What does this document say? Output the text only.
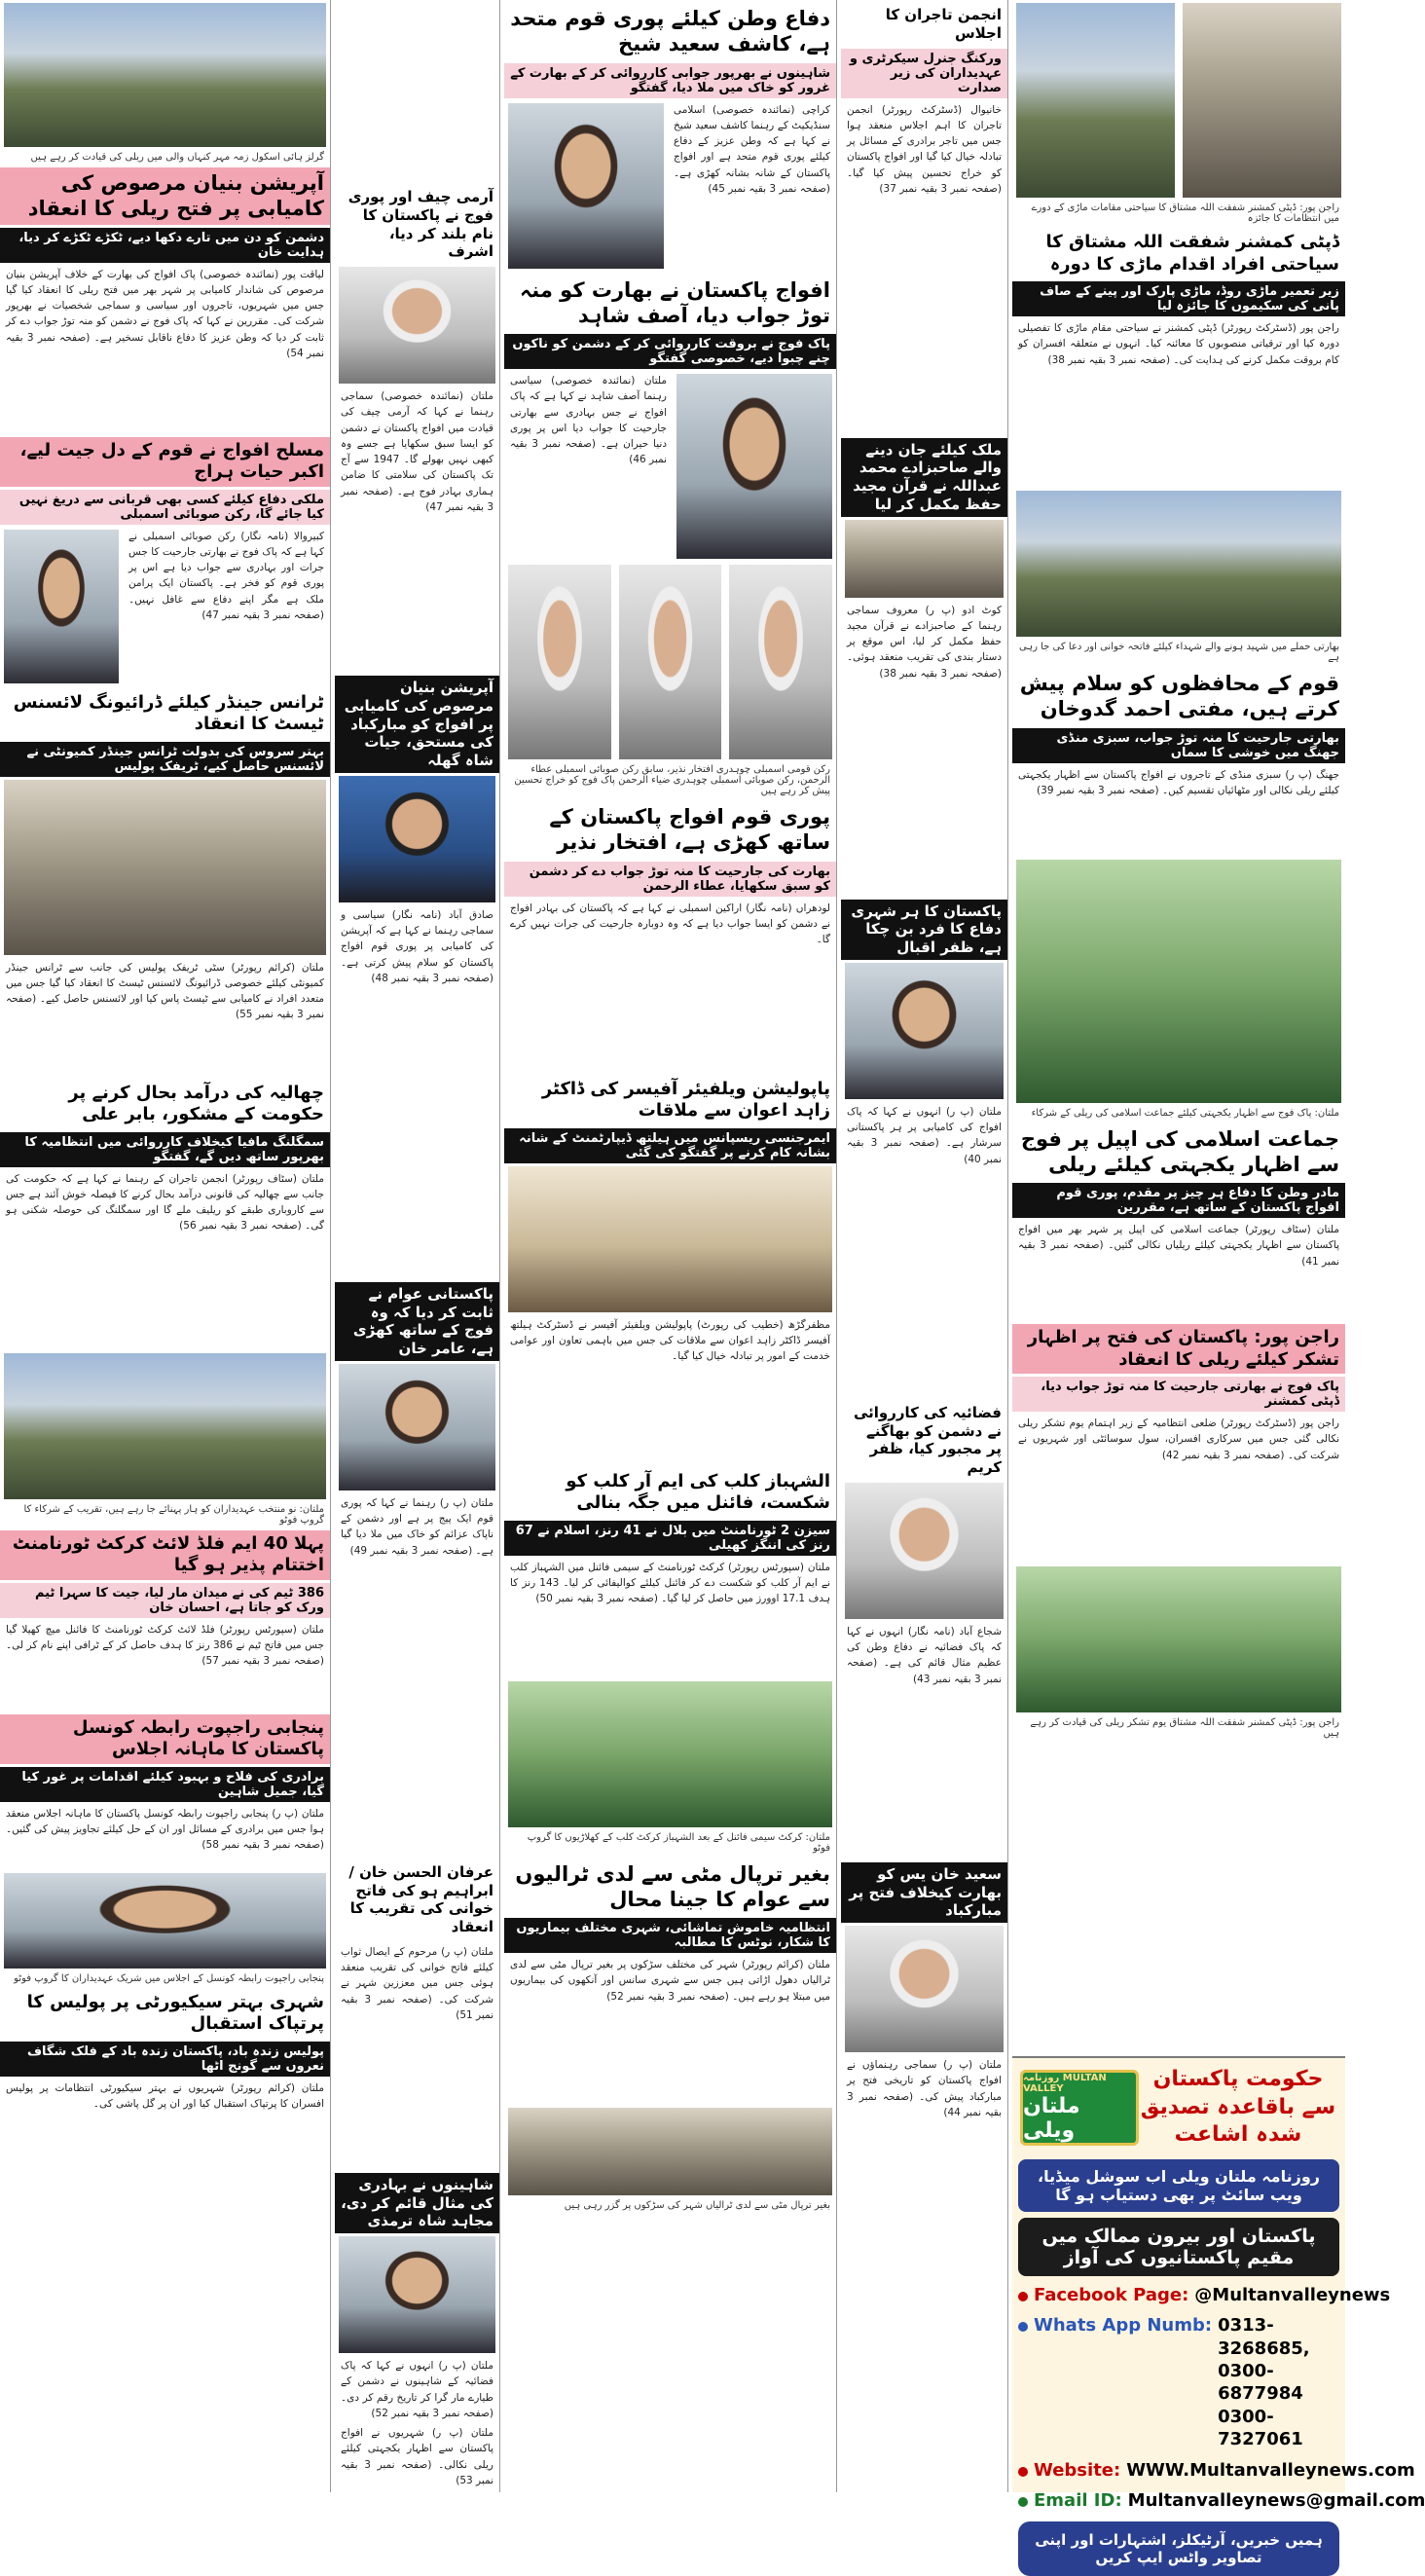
گرلز ہائی اسکول زمہ مہر کنہاں والی میں ریلی کی قیادت کر رہے ہیں
آپریشن بنیان مرصوص کی کامیابی پر فتح ریلی کا انعقاد
دشمن کو دن میں تارے دکھا دیے، ٹکڑے ٹکڑے کر دیا، ہدایت خان
لیاقت پور (نمائندہ خصوصی) پاک افواج کی بھارت کے خلاف آپریشن بنیان مرصوص کی شاندار کامیابی پر شہر بھر میں فتح ریلی کا انعقاد کیا گیا جس میں شہریوں، تاجروں اور سیاسی و سماجی شخصیات نے بھرپور شرکت کی۔ مقررین نے کہا کہ پاک فوج نے دشمن کو منہ توڑ جواب دے کر ثابت کر دیا کہ وطن عزیز کا دفاع ناقابل تسخیر ہے۔ (صفحہ نمبر 3 بقیہ نمبر 54)
مسلح افواج نے قوم کے دل جیت لیے، اکبر حیات ہراج
ملکی دفاع کیلئے کسی بھی قربانی سے دریغ نہیں کیا جائے گا، رکن صوبائی اسمبلی
کبیروالا (نامہ نگار) رکن صوبائی اسمبلی نے کہا ہے کہ پاک فوج نے بھارتی جارحیت کا جس جرات اور بہادری سے جواب دیا ہے اس پر پوری قوم کو فخر ہے۔ پاکستان ایک پرامن ملک ہے مگر اپنے دفاع سے غافل نہیں۔ (صفحہ نمبر 3 بقیہ نمبر 47)
ٹرانس جینڈر کیلئے ڈرائیونگ لائسنس ٹیسٹ کا انعقاد
بہتر سروس کی بدولت ٹرانس جینڈر کمیونٹی نے لائسنس حاصل کیے، ٹریفک پولیس
ملتان (کرائم رپورٹر) سٹی ٹریفک پولیس کی جانب سے ٹرانس جینڈر کمیونٹی کیلئے خصوصی ڈرائیونگ لائسنس ٹیسٹ کا انعقاد کیا گیا جس میں متعدد افراد نے کامیابی سے ٹیسٹ پاس کیا اور لائسنس حاصل کیے۔ (صفحہ نمبر 3 بقیہ نمبر 55)
چھالیہ کی درآمد بحال کرنے پر حکومت کے مشکور، بابر علی
سمگلنگ مافیا کیخلاف کارروائی میں انتظامیہ کا بھرپور ساتھ دیں گے، گفتگو
ملتان (سٹاف رپورٹر) انجمن تاجران کے رہنما نے کہا ہے کہ حکومت کی جانب سے چھالیہ کی قانونی درآمد بحال کرنے کا فیصلہ خوش آئند ہے جس سے کاروباری طبقے کو ریلیف ملے گا اور سمگلنگ کی حوصلہ شکنی ہو گی۔ (صفحہ نمبر 3 بقیہ نمبر 56)
ملتان: نو منتخب عہدیداران کو ہار پہنائے جا رہے ہیں، تقریب کے شرکاء کا گروپ فوٹو
پہلا 40 ایم فلڈ لائٹ کرکٹ ٹورنامنٹ اختتام پذیر ہو گیا
386 ٹیم کی نے میدان مار لیا، جیت کا سہرا ٹیم ورک کو جاتا ہے، احسان خان
ملتان (سپورٹس رپورٹر) فلڈ لائٹ کرکٹ ٹورنامنٹ کا فائنل میچ کھیلا گیا جس میں فاتح ٹیم نے 386 رنز کا ہدف حاصل کر کے ٹرافی اپنے نام کر لی۔ (صفحہ نمبر 3 بقیہ نمبر 57)
پنجابی راجپوت رابطہ کونسل پاکستان کا ماہانہ اجلاس
برادری کی فلاح و بہبود کیلئے اقدامات پر غور کیا گیا، جمیل شاہین
ملتان (پ ر) پنجابی راجپوت رابطہ کونسل پاکستان کا ماہانہ اجلاس منعقد ہوا جس میں برادری کے مسائل اور ان کے حل کیلئے تجاویز پیش کی گئیں۔ (صفحہ نمبر 3 بقیہ نمبر 58)
پنجابی راجپوت رابطہ کونسل کے اجلاس میں شریک عہدیداران کا گروپ فوٹو
شہری بہتر سیکیورٹی پر پولیس کا پرتپاک استقبال
پولیس زندہ باد، پاکستان زندہ باد کے فلک شگاف نعروں سے گونج اٹھا
ملتان (کرائم رپورٹر) شہریوں نے بہتر سیکیورٹی انتظامات پر پولیس افسران کا پرتپاک استقبال کیا اور ان پر گل پاشی کی۔
آرمی چیف اور پوری فوج نے پاکستان کا نام بلند کر دیا، اشرف
ملتان (نمائندہ خصوصی) سماجی رہنما نے کہا کہ آرمی چیف کی قیادت میں افواج پاکستان نے دشمن کو ایسا سبق سکھایا ہے جسے وہ کبھی نہیں بھولے گا۔ 1947 سے آج تک پاکستان کی سلامتی کا ضامن ہماری بہادر فوج ہے۔ (صفحہ نمبر 3 بقیہ نمبر 47)
آپریشن بنیان مرصوص کی کامیابی پر افواج کو مبارکباد کی مستحق، جیات شاہ گھلہ
صادق آباد (نامہ نگار) سیاسی و سماجی رہنما نے کہا ہے کہ آپریشن کی کامیابی پر پوری قوم افواج پاکستان کو سلام پیش کرتی ہے۔ (صفحہ نمبر 3 بقیہ نمبر 48)
پاکستانی عوام نے ثابت کر دیا کہ وہ فوج کے ساتھ کھڑی ہے، عامر خان
ملتان (پ ر) رہنما نے کہا کہ پوری قوم ایک پیج پر ہے اور دشمن کے ناپاک عزائم کو خاک میں ملا دیا گیا ہے۔ (صفحہ نمبر 3 بقیہ نمبر 49)
عرفان الحسن خان / ابراہیم ہو کی فاتح خوانی کی تقریب کا انعقاد
ملتان (پ ر) مرحوم کے ایصال ثواب کیلئے فاتح خوانی کی تقریب منعقد ہوئی جس میں معززین شہر نے شرکت کی۔ (صفحہ نمبر 3 بقیہ نمبر 51)
شاہینوں نے بہادری کی مثال قائم کر دی، مجاہد شاہ ترمذی
ملتان (پ ر) انہوں نے کہا کہ پاک فضائیہ کے شاہینوں نے دشمن کے طیارے مار گرا کر تاریخ رقم کر دی۔ (صفحہ نمبر 3 بقیہ نمبر 52)
ملتان (پ ر) شہریوں نے افواج پاکستان سے اظہار یکجہتی کیلئے ریلی نکالی۔ (صفحہ نمبر 3 بقیہ نمبر 53)
دفاع وطن کیلئے پوری قوم متحد ہے، کاشف سعید شیخ
شاہینوں نے بھرپور جوابی کارروائی کر کے بھارت کے غرور کو خاک میں ملا دیا، گفتگو
کراچی (نمائندہ خصوصی) اسلامی سنڈیکیٹ کے رہنما کاشف سعید شیخ نے کہا ہے کہ وطن عزیز کے دفاع کیلئے پوری قوم متحد ہے اور افواج پاکستان کے شانہ بشانہ کھڑی ہے۔ (صفحہ نمبر 3 بقیہ نمبر 45)
افواج پاکستان نے بھارت کو منہ توڑ جواب دیا، آصف شاہد
پاک فوج نے بروقت کارروائی کر کے دشمن کو ناکوں چنے چبوا دیے، خصوصی گفتگو
ملتان (نمائندہ خصوصی) سیاسی رہنما آصف شاہد نے کہا ہے کہ پاک افواج نے جس بہادری سے بھارتی جارحیت کا جواب دیا اس پر پوری دنیا حیران ہے۔ (صفحہ نمبر 3 بقیہ نمبر 46)
رکن قومی اسمبلی چوہدری افتخار نذیر، سابق رکن صوبائی اسمبلی عطاء الرحمن، رکن صوبائی اسمبلی چوہدری ضیاء الرحمن پاک فوج کو خراج تحسین پیش کر رہے ہیں
پوری قوم افواج پاکستان کے ساتھ کھڑی ہے، افتخار نذیر
بھارت کی جارحیت کا منہ توڑ جواب دے کر دشمن کو سبق سکھایا، عطاء الرحمن
لودھراں (نامہ نگار) اراکین اسمبلی نے کہا ہے کہ پاکستان کی بہادر افواج نے دشمن کو ایسا جواب دیا ہے کہ وہ دوبارہ جارحیت کی جرات نہیں کرے گا۔
پاپولیشن ویلفیئر آفیسر کی ڈاکٹر زاہد اعوان سے ملاقات
ایمرجنسی ریسپانس میں ہیلتھ ڈیپارٹمنٹ کے شانہ بشانہ کام کرنے پر گفتگو کی گئی
مظفرگڑھ (خطیب کی رپورٹ) پاپولیشن ویلفیئر آفیسر نے ڈسٹرکٹ ہیلتھ آفیسر ڈاکٹر زاہد اعوان سے ملاقات کی جس میں باہمی تعاون اور عوامی خدمت کے امور پر تبادلہ خیال کیا گیا۔
الشہباز کلب کی ایم آر کلب کو شکست، فائنل میں جگہ بنالی
سیزن 2 ٹورنامنٹ میں بلال نے 41 رنز، اسلام نے 67 رنز کی اننگز کھیلی
ملتان (سپورٹس رپورٹر) کرکٹ ٹورنامنٹ کے سیمی فائنل میں الشہباز کلب نے ایم آر کلب کو شکست دے کر فائنل کیلئے کوالیفائی کر لیا۔ 143 رنز کا ہدف 17.1 اوورز میں حاصل کر لیا گیا۔ (صفحہ نمبر 3 بقیہ نمبر 50)
ملتان: کرکٹ سیمی فائنل کے بعد الشہباز کرکٹ کلب کے کھلاڑیوں کا گروپ فوٹو
بغیر ترپال مٹی سے لدی ٹرالیوں سے عوام کا جینا محال
انتظامیہ خاموش تماشائی، شہری مختلف بیماریوں کا شکار، نوٹس کا مطالبہ
ملتان (کرائم رپورٹر) شہر کی مختلف سڑکوں پر بغیر ترپال مٹی سے لدی ٹرالیاں دھول اڑاتی ہیں جس سے شہری سانس اور آنکھوں کی بیماریوں میں مبتلا ہو رہے ہیں۔ (صفحہ نمبر 3 بقیہ نمبر 52)
بغیر ترپال مٹی سے لدی ٹرالیاں شہر کی سڑکوں پر گزر رہی ہیں
انجمن تاجران کا اجلاس
ورکنگ جنرل سیکرٹری و عہدیداران کی زیر صدارت
خانیوال (ڈسٹرکٹ رپورٹر) انجمن تاجران کا اہم اجلاس منعقد ہوا جس میں تاجر برادری کے مسائل پر تبادلہ خیال کیا گیا اور افواج پاکستان کو خراج تحسین پیش کیا گیا۔ (صفحہ نمبر 3 بقیہ نمبر 37)
ملک کیلئے جان دینے والے صاحبزادے محمد عبداللہ نے قرآن مجید حفظ مکمل کر لیا
کوٹ ادو (پ ر) معروف سماجی رہنما کے صاحبزادے نے قرآن مجید حفظ مکمل کر لیا، اس موقع پر دستار بندی کی تقریب منعقد ہوئی۔ (صفحہ نمبر 3 بقیہ نمبر 38)
پاکستان کا ہر شہری دفاع کا فرد بن چکا ہے، ظفر اقبال
ملتان (پ ر) انہوں نے کہا کہ پاک افواج کی کامیابی پر ہر پاکستانی سرشار ہے۔ (صفحہ نمبر 3 بقیہ نمبر 40)
فضائیہ کی کارروائی نے دشمن کو بھاگنے پر مجبور کیا، ظفر کریم
شجاع آباد (نامہ نگار) انہوں نے کہا کہ پاک فضائیہ نے دفاع وطن کی عظیم مثال قائم کی ہے۔ (صفحہ نمبر 3 بقیہ نمبر 43)
سعید خان یس کو بھارت کیخلاف فتح پر مبارکباد
ملتان (پ ر) سماجی رہنماؤں نے افواج پاکستان کو تاریخی فتح پر مبارکباد پیش کی۔ (صفحہ نمبر 3 بقیہ نمبر 44)
راجن پور: ڈپٹی کمشنر شفقت اللہ مشتاق کا سیاحتی مقامات ماڑی کے دورے میں انتظامات کا جائزہ
ڈپٹی کمشنر شفقت اللہ مشتاق کا سیاحتی افراد اقدام ماڑی کا دورہ
زیر تعمیر ماڑی روڈ، ماڑی پارک اور پینے کے صاف پانی کی سکیموں کا جائزہ لیا
راجن پور (ڈسٹرکٹ رپورٹر) ڈپٹی کمشنر نے سیاحتی مقام ماڑی کا تفصیلی دورہ کیا اور ترقیاتی منصوبوں کا معائنہ کیا۔ انہوں نے متعلقہ افسران کو کام بروقت مکمل کرنے کی ہدایت کی۔ (صفحہ نمبر 3 بقیہ نمبر 38)
بھارتی حملے میں شہید ہونے والے شہداء کیلئے فاتحہ خوانی اور دعا کی جا رہی ہے
قوم کے محافظوں کو سلام پیش کرتے ہیں، مفتی احمد گدوخان
بھارتی جارحیت کا منہ توڑ جواب، سبزی منڈی جھنگ میں خوشی کا سماں
جھنگ (پ ر) سبزی منڈی کے تاجروں نے افواج پاکستان سے اظہار یکجہتی کیلئے ریلی نکالی اور مٹھائیاں تقسیم کیں۔ (صفحہ نمبر 3 بقیہ نمبر 39)
ملتان: پاک فوج سے اظہار یکجہتی کیلئے جماعت اسلامی کی ریلی کے شرکاء
جماعت اسلامی کی اپیل پر فوج سے اظہار یکجہتی کیلئے ریلی
مادر وطن کا دفاع ہر چیز پر مقدم، پوری قوم افواج پاکستان کے ساتھ ہے، مقررین
ملتان (سٹاف رپورٹر) جماعت اسلامی کی اپیل پر شہر بھر میں افواج پاکستان سے اظہار یکجہتی کیلئے ریلیاں نکالی گئیں۔ (صفحہ نمبر 3 بقیہ نمبر 41)
راجن پور: پاکستان کی فتح پر اظہار تشکر کیلئے ریلی کا انعقاد
پاک فوج نے بھارتی جارحیت کا منہ توڑ جواب دیا، ڈپٹی کمشنر
راجن پور (ڈسٹرکٹ رپورٹر) ضلعی انتظامیہ کے زیر اہتمام یوم تشکر ریلی نکالی گئی جس میں سرکاری افسران، سول سوسائٹی اور شہریوں نے شرکت کی۔ (صفحہ نمبر 3 بقیہ نمبر 42)
راجن پور: ڈپٹی کمشنر شفقت اللہ مشتاق یوم تشکر ریلی کی قیادت کر رہے ہیں
روزنامہ MULTAN VALLEY
ملتان ویلی
حکومت پاکستان سے باقاعدہ تصدیق شدہ اشاعت
روزنامہ ملتان ویلی اب سوشل میڈیا، ویب سائٹ پر بھی دستیاب ہو گا
پاکستان اور بیرون ممالک میں مقیم پاکستانیوں کی آواز
Facebook Page: @Multanvalleynews
Whats App Numb: 0313-3268685, 0300-6877984
0300-7327061
Website: WWW.Multanvalleynews.com
Email ID: Multanvalleynews@gmail.com
ہمیں خبریں، آرٹیکلز، اشتہارات اور اپنی تصاویر واٹس ایپ کریں
